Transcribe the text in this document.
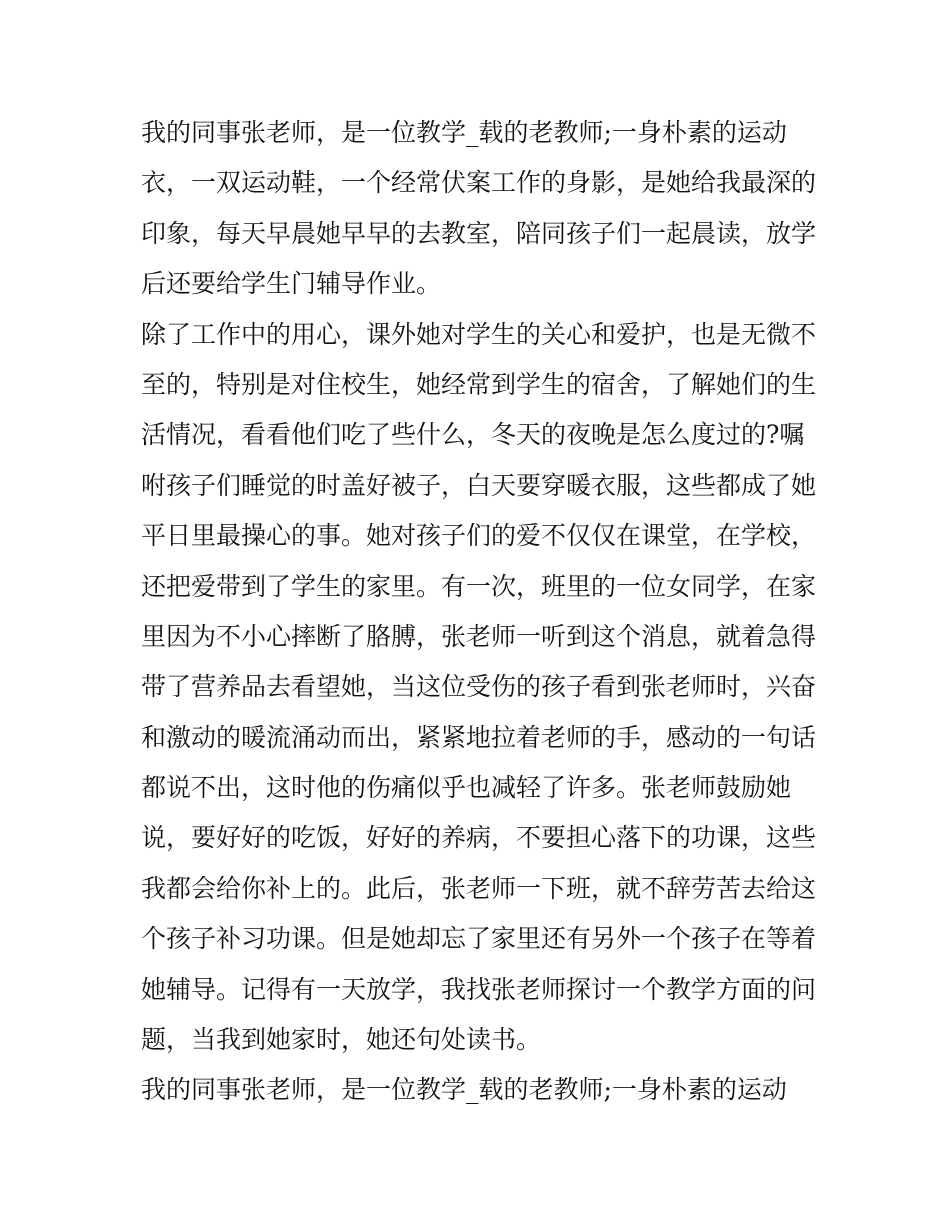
我的同事张老师，是一位教学_载的老教师;一身朴素的运动
衣，一双运动鞋，一个经常伏案工作的身影，是她给我最深的
印象，每天早晨她早早的去教室，陪同孩子们一起晨读，放学
后还要给学生门辅导作业。
除了工作中的用心，课外她对学生的关心和爱护，也是无微不
至的，特别是对住校生，她经常到学生的宿舍，了解她们的生
活情况，看看他们吃了些什么，冬天的夜晚是怎么度过的?嘱
咐孩子们睡觉的时盖好被子，白天要穿暖衣服，这些都成了她
平日里最操心的事。她对孩子们的爱不仅仅在课堂，在学校，
还把爱带到了学生的家里。有一次，班里的一位女同学，在家
里因为不小心摔断了胳膊，张老师一听到这个消息，就着急得
带了营养品去看望她，当这位受伤的孩子看到张老师时，兴奋
和激动的暖流涌动而出，紧紧地拉着老师的手，感动的一句话
都说不出，这时他的伤痛似乎也减轻了许多。张老师鼓励她
说，要好好的吃饭，好好的养病，不要担心落下的功课，这些
我都会给你补上的。此后，张老师一下班，就不辞劳苦去给这
个孩子补习功课。但是她却忘了家里还有另外一个孩子在等着
她辅导。记得有一天放学，我找张老师探讨一个教学方面的问
题，当我到她家时，她还句处读书。
我的同事张老师，是一位教学_载的老教师;一身朴素的运动
